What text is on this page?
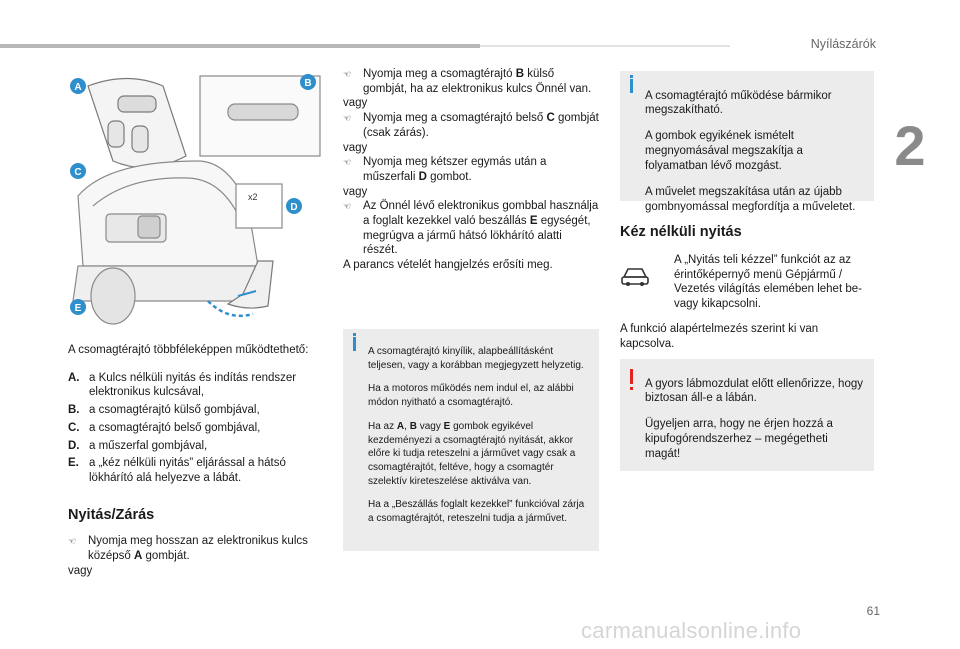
Nyílászárók
2
x2
A	B
C
D
E

A csomagtérajtó többféleképpen működtethető:

A. a Kulcs nélküli nyitás és indítás rendszer elektronikus kulcsával,
B. a csomagtérajtó külső gombjával,
C. a csomagtérajtó belső gombjával,
D. a műszerfal gombjával,
E. a „kéz nélküli nyitás” eljárással a hátsó lökhárító alá helyezve a lábát.

Nyitás/Zárás

☜	Nyomja meg hosszan az elektronikus kulcs középső A gombját.

vagy

☜	Nyomja meg a csomagtérajtó B külső gombját, ha az elektronikus kulcs Önnél van.

vagy

☜	Nyomja meg a csomagtérajtó belső C gombját (csak zárás).

vagy

☜	Nyomja meg kétszer egymás után a műszerfali D gombot.

vagy

☜	Az Önnél lévő elektronikus gombbal használja a foglalt kezekkel való beszállás E egységét, megrúgva a jármű hátsó lökhárító alatti részét.

A parancs vételét hangjelzés erősíti meg.

A csomagtérajtó kinyílik, alapbeállításként teljesen, vagy a korábban megjegyzett helyzetig.

Ha a motoros működés nem indul el, az alábbi módon nyitható a csomagtérajtó.

Ha az A, B vagy E gombok egyikével kezdeményezi a csomagtérajtó nyitását, akkor előre ki tudja reteszelni a járművet vagy csak a csomagtérajtót, feltéve, hogy a csomagtér szelektív kireteszelése aktiválva van.

Ha a „Beszállás foglalt kezekkel” funkcióval zárja a csomagtérajtót, reteszelni tudja a járművet.

A csomagtérajtó működése bármikor megszakítható.

A gombok egyikének ismételt megnyomásával megszakítja a folyamatban lévő mozgást.

A művelet megszakítása után az újabb gombnyomással megfordítja a műveletet.

Kéz nélküli nyitás

A „Nyitás teli kézzel” funkciót az az érintőképernyő menü Gépjármű / Vezetés világítás elemében lehet be- vagy kikapcsolni.

A funkció alapértelmezés szerint ki van kapcsolva.

A gyors lábmozdulat előtt ellenőrizze, hogy biztosan áll-e a lábán.

Ügyeljen arra, hogy ne érjen hozzá a kipufogórendszerhez – megégetheti magát!

61
carmanualsonline.info
